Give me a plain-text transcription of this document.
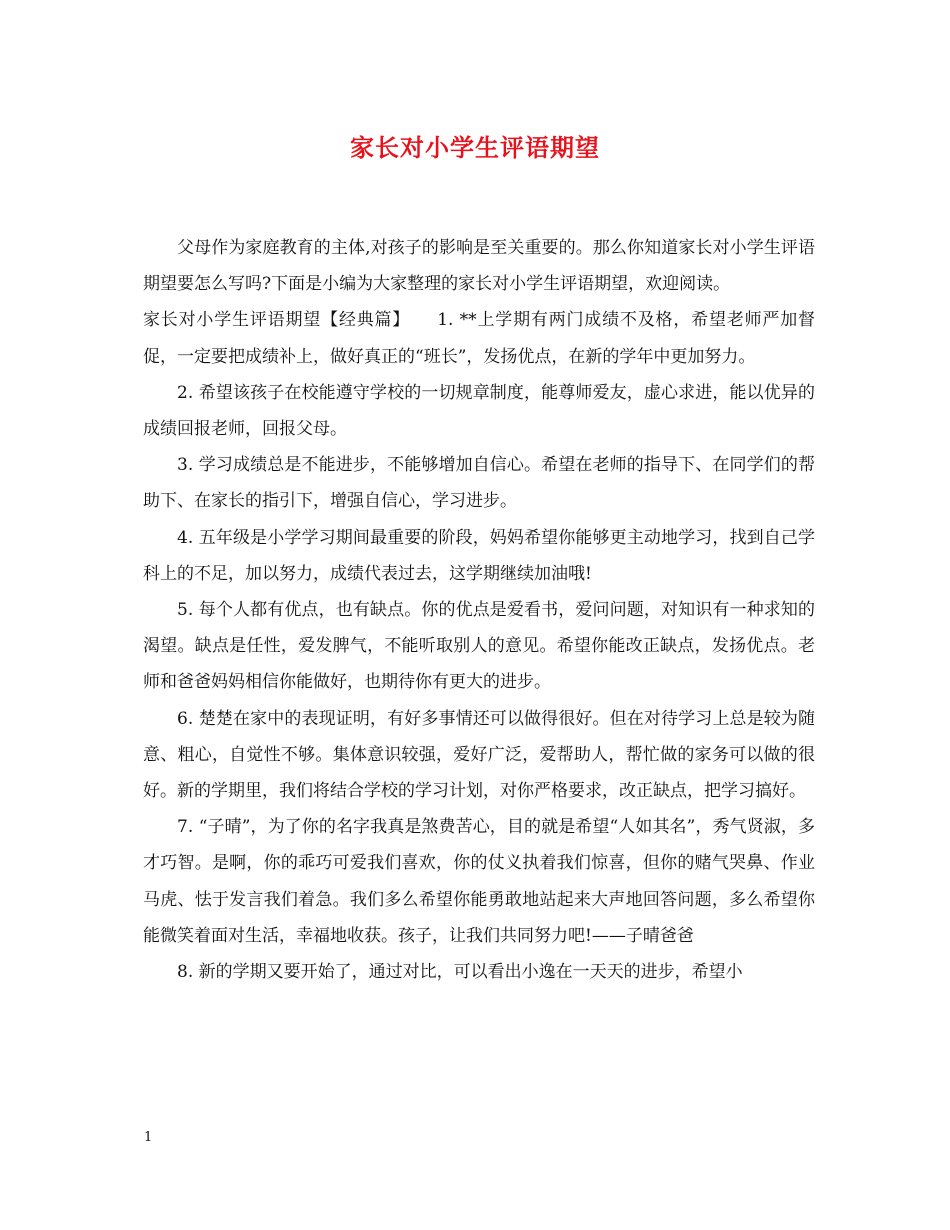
家长对小学生评语期望

父母作为家庭教育的主体,对孩子的影响是至关重要的。那么你知道家长对小学生评语期望要怎么写吗?下面是小编为大家整理的家长对小学生评语期望，欢迎阅读。

家长对小学生评语期望【经典篇】　　1. **上学期有两门成绩不及格，希望老师严加督促，一定要把成绩补上，做好真正的“班长”，发扬优点，在新的学年中更加努力。

2. 希望该孩子在校能遵守学校的一切规章制度，能尊师爱友，虚心求进，能以优异的成绩回报老师，回报父母。

3. 学习成绩总是不能进步，不能够增加自信心。希望在老师的指导下、在同学们的帮助下、在家长的指引下，增强自信心，学习进步。

4. 五年级是小学学习期间最重要的阶段，妈妈希望你能够更主动地学习，找到自己学科上的不足，加以努力，成绩代表过去，这学期继续加油哦!

5. 每个人都有优点，也有缺点。你的优点是爱看书，爱问问题，对知识有一种求知的渴望。缺点是任性，爱发脾气，不能听取别人的意见。希望你能改正缺点，发扬优点。老师和爸爸妈妈相信你能做好，也期待你有更大的进步。

6. 楚楚在家中的表现证明，有好多事情还可以做得很好。但在对待学习上总是较为随意、粗心，自觉性不够。集体意识较强，爱好广泛，爱帮助人，帮忙做的家务可以做的很好。新的学期里，我们将结合学校的学习计划，对你严格要求，改正缺点，把学习搞好。

7. “子晴”，为了你的名字我真是煞费苦心，目的就是希望“人如其名”，秀气贤淑，多才巧智。是啊，你的乖巧可爱我们喜欢，你的仗义执着我们惊喜，但你的赌气哭鼻、作业马虎、怯于发言我们着急。我们多么希望你能勇敢地站起来大声地回答问题，多么希望你能微笑着面对生活，幸福地收获。孩子，让我们共同努力吧!——子晴爸爸

8. 新的学期又要开始了，通过对比，可以看出小逸在一天天的进步，希望小

1
